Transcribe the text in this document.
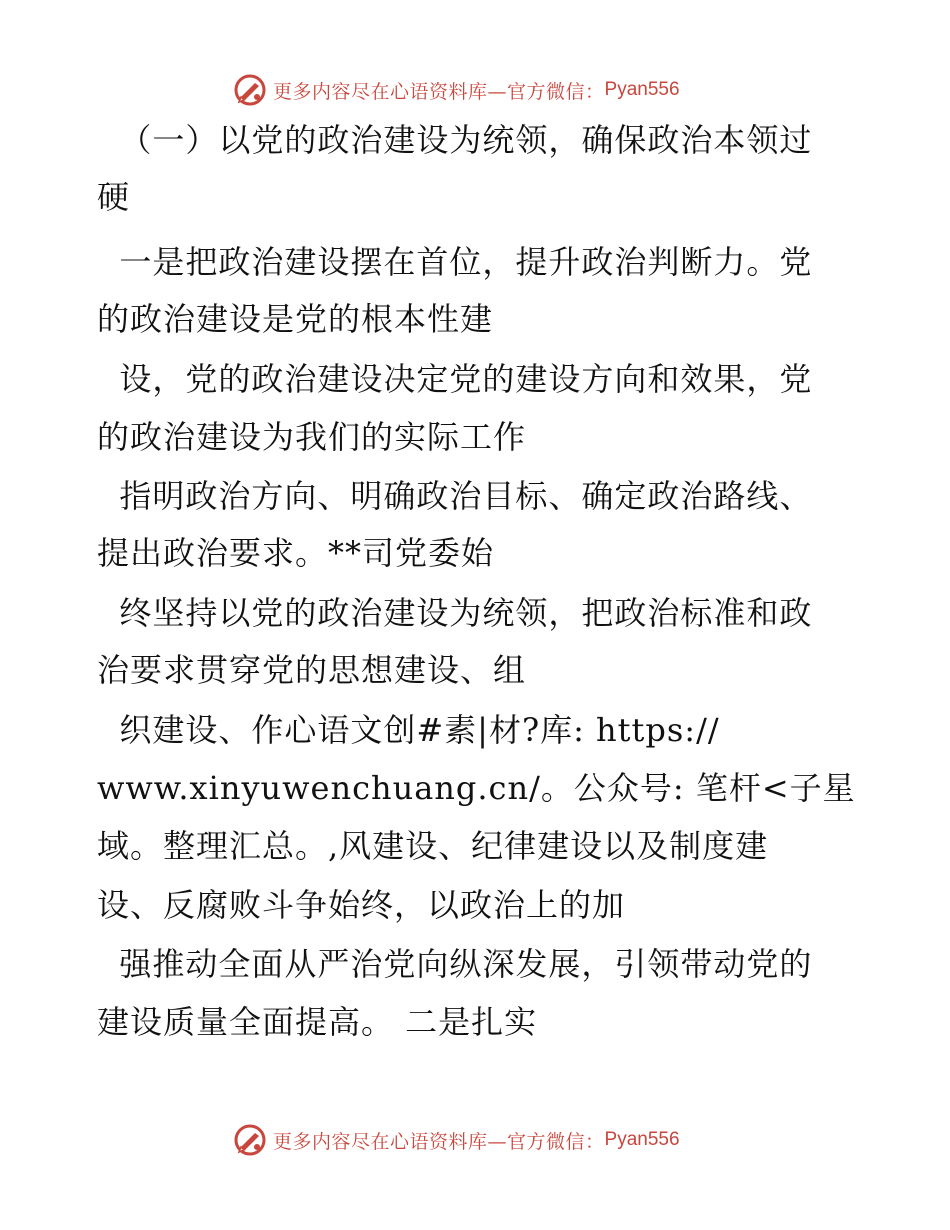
更多内容尽在心语资料库—官方微信： Pyan556
（一）以党的政治建设为统领，确保政治本领过
硬
一是把政治建设摆在首位，提升政治判断力。党
的政治建设是党的根本性建
设，党的政治建设决定党的建设方向和效果，党
的政治建设为我们的实际工作
指明政治方向、明确政治目标、确定政治路线、
提出政治要求。**司党委始
终坚持以党的政治建设为统领，把政治标准和政
治要求贯穿党的思想建设、组
织建设、作心语文创#素|材?库: https://
www.xinyuwenchuang.cn/。公众号: 笔杆<子星
域。整理汇总。,风建设、纪律建设以及制度建
设、反腐败斗争始终，以政治上的加
强推动全面从严治党向纵深发展，引领带动党的
建设质量全面提高。 二是扎实
更多内容尽在心语资料库—官方微信： Pyan556
